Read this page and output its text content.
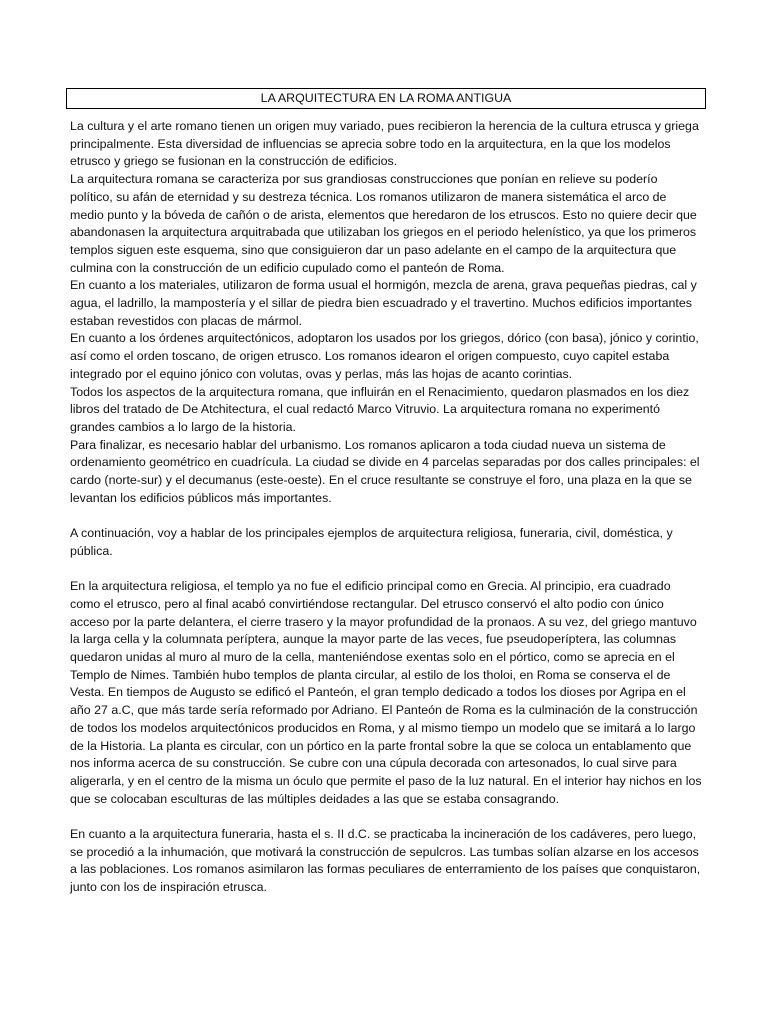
LA ARQUITECTURA EN LA ROMA ANTIGUA

La cultura y el arte romano tienen un origen muy variado, pues recibieron la herencia de la cultura etrusca y griega principalmente. Esta diversidad de influencias se aprecia sobre todo en la arquitectura, en la que los modelos etrusco y griego se fusionan en la construcción de edificios.

La arquitectura romana se caracteriza por sus grandiosas construcciones que ponían en relieve su poderío político, su afán de eternidad y su destreza técnica. Los romanos utilizaron de manera sistemática el arco de medio punto y la bóveda de cañón o de arista, elementos que heredaron de los etruscos. Esto no quiere decir que abandonasen la arquitectura arquitrabada que utilizaban los griegos en el periodo helenístico, ya que los primeros templos siguen este esquema, sino que consiguieron dar un paso adelante en el campo de la arquitectura que culmina con la construcción de un edificio cupulado como el panteón de Roma.

En cuanto a los materiales, utilizaron de forma usual el hormigón, mezcla de arena, grava pequeñas piedras, cal y agua, el ladrillo, la mampostería y el sillar de piedra bien escuadrado y el travertino. Muchos edificios importantes estaban revestidos con placas de mármol.

En cuanto a los órdenes arquitectónicos, adoptaron los usados por los griegos, dórico (con basa), jónico y corintio, así como el orden toscano, de origen etrusco. Los romanos idearon el origen compuesto, cuyo capitel estaba integrado por el equino jónico con volutas, ovas y perlas, más las hojas de acanto corintias.

Todos los aspectos de la arquitectura romana, que influirán en el Renacimiento, quedaron plasmados en los diez libros del tratado de De Atchitectura, el cual redactó Marco Vitruvio. La arquitectura romana no experimentó grandes cambios a lo largo de la historia.

Para finalizar, es necesario hablar del urbanismo. Los romanos aplicaron a toda ciudad nueva un sistema de ordenamiento geométrico en cuadrícula. La ciudad se divide en 4 parcelas separadas por dos calles principales: el cardo (norte-sur) y el decumanus (este-oeste). En el cruce resultante se construye el foro, una plaza en la que se levantan los edificios públicos más importantes.

A continuación, voy a hablar de los principales ejemplos de arquitectura religiosa, funeraria, civil, doméstica, y pública.

En la arquitectura religiosa, el templo ya no fue el edificio principal como en Grecia. Al principio, era cuadrado como el etrusco, pero al final acabó convirtiéndose rectangular. Del etrusco conservó el alto podio con único acceso por la parte delantera, el cierre trasero y la mayor profundidad de la pronaos. A su vez, del griego mantuvo la larga cella y la columnata períptera, aunque la mayor parte de las veces, fue pseudoperíptera, las columnas quedaron unidas al muro al muro de la cella, manteniéndose exentas solo en el pórtico, como se aprecia en el Templo de Nimes. También hubo templos de planta circular, al estilo de los tholoi, en Roma se conserva el de Vesta. En tiempos de Augusto se edificó el Panteón, el gran templo dedicado a todos los dioses por Agripa en el año 27 a.C, que más tarde sería reformado por Adriano. El Panteón de Roma es la culminación de la construcción de todos los modelos arquitectónicos producidos en Roma, y al mismo tiempo un modelo que se imitará a lo largo de la Historia. La planta es circular, con un pórtico en la parte frontal sobre la que se coloca un entablamento que nos informa acerca de su construcción. Se cubre con una cúpula decorada con artesonados, lo cual sirve para aligerarla, y en el centro de la misma un óculo que permite el paso de la luz natural. En el interior hay nichos en los que se colocaban esculturas de las múltiples deidades a las que se estaba consagrando.

En cuanto a la arquitectura funeraria, hasta el s. II d.C. se practicaba la incineración de los cadáveres, pero luego, se procedió a la inhumación, que motivará la construcción de sepulcros. Las tumbas solían alzarse en los accesos a las poblaciones. Los romanos asimilaron las formas peculiares de enterramiento de los países que conquistaron, junto con los de inspiración etrusca.
